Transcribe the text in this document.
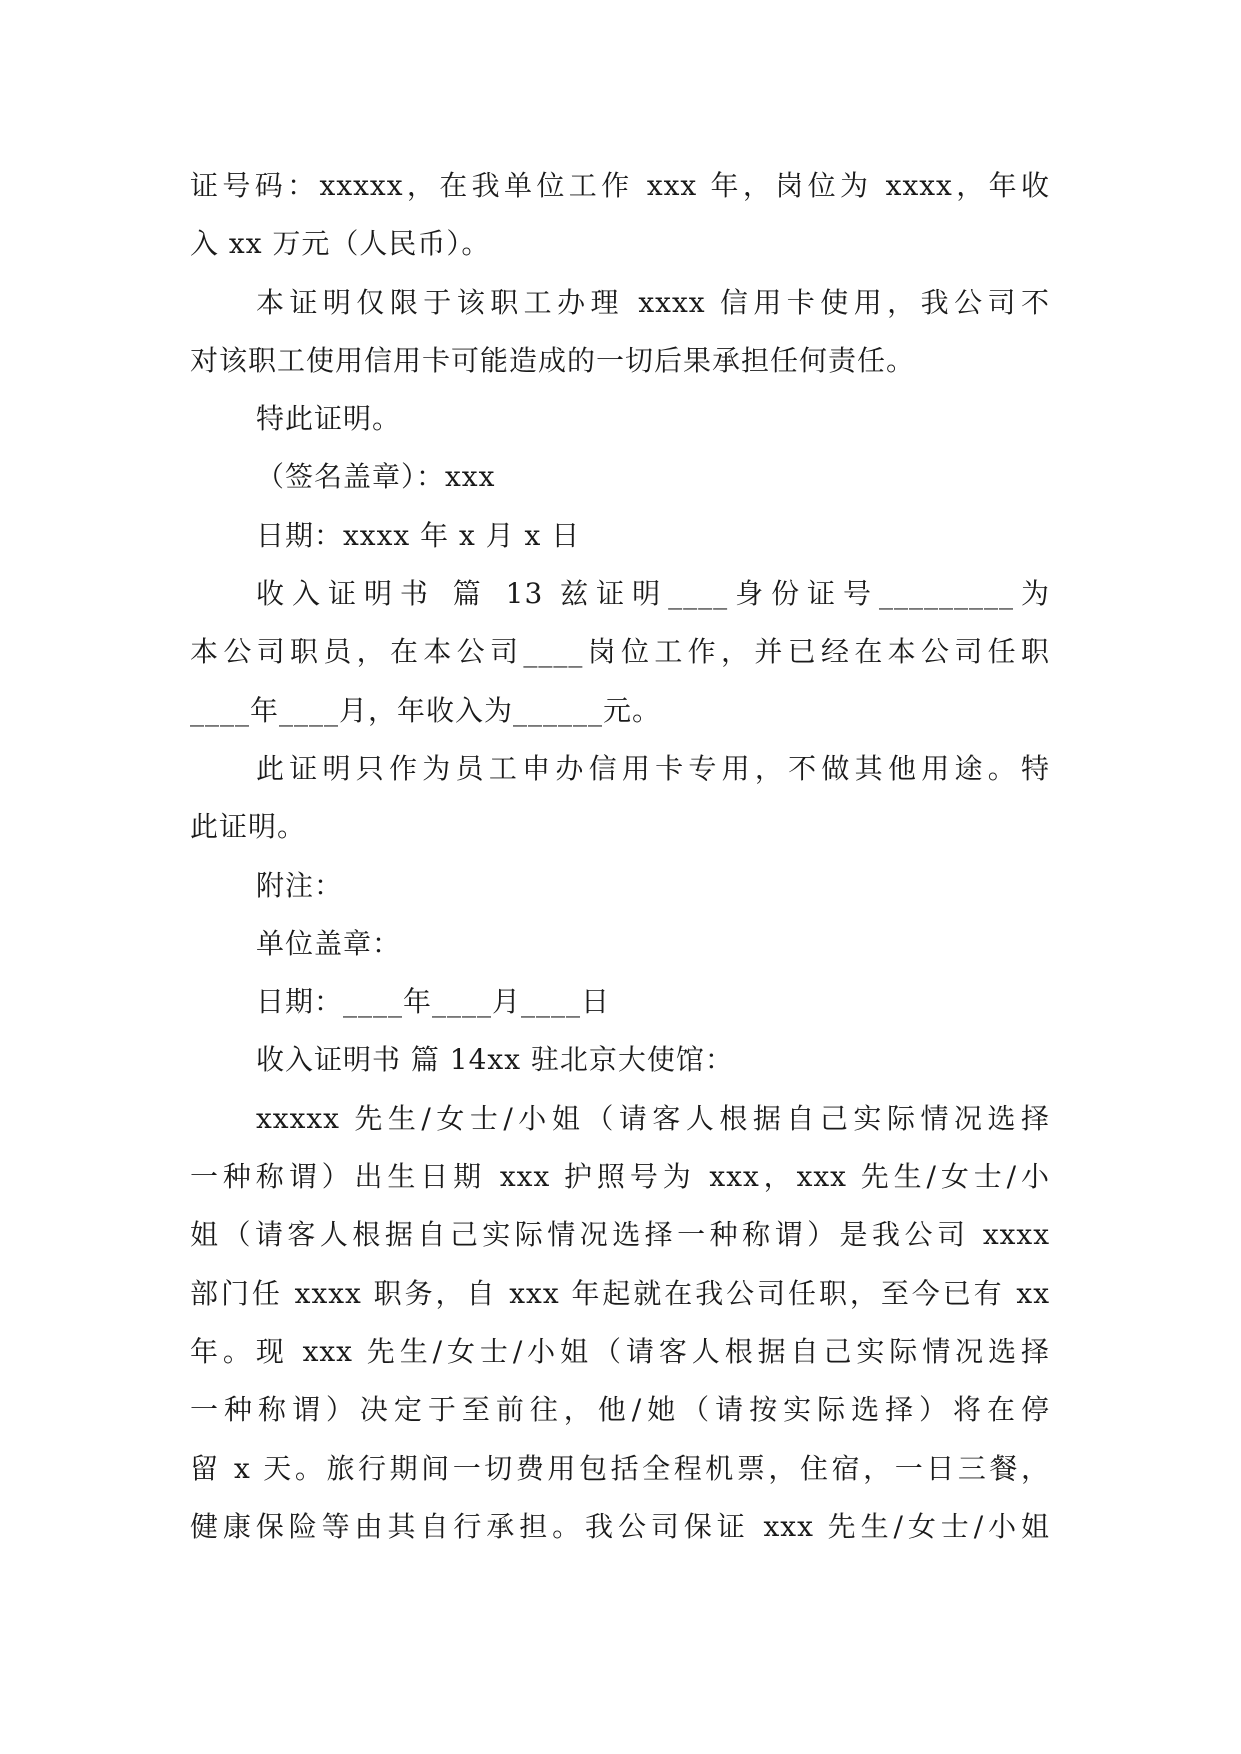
证号码：xxxxx，在我单位工作 xxx 年，岗位为 xxxx，年收
入 xx 万元（人民币）。
本证明仅限于该职工办理 xxxx 信用卡使用，我公司不
对该职工使用信用卡可能造成的一切后果承担任何责任。
特此证明。
（签名盖章）：xxx
日期：xxxx 年 x 月 x 日
收入证明书 篇 13 兹证明____身份证号_________为
本公司职员，在本公司____岗位工作，并已经在本公司任职
____年____月，年收入为______元。
此证明只作为员工申办信用卡专用，不做其他用途。特
此证明。
附注：
单位盖章：
日期：____年____月____日
收入证明书 篇 14xx 驻北京大使馆：
xxxxx 先生/女士/小姐（请客人根据自己实际情况选择
一种称谓）出生日期 xxx 护照号为 xxx，xxx 先生/女士/小
姐（请客人根据自己实际情况选择一种称谓）是我公司 xxxx
部门任 xxxx 职务，自 xxx 年起就在我公司任职，至今已有 xx
年。现 xxx 先生/女士/小姐（请客人根据自己实际情况选择
一种称谓）决定于至前往，他/她（请按实际选择）将在停
留 x 天。旅行期间一切费用包括全程机票，住宿，一日三餐，
健康保险等由其自行承担。我公司保证 xxx 先生/女士/小姐
